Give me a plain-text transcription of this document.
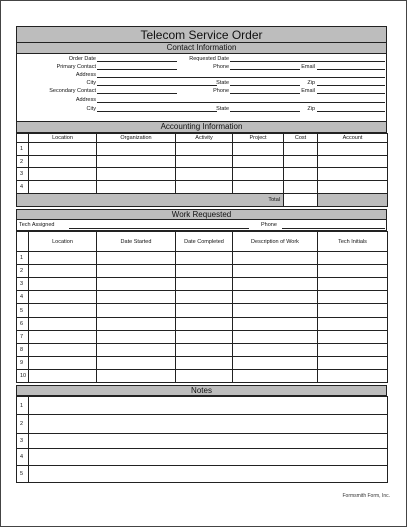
Telecom Service Order
Contact Information
Order Date	Requested Date
Primary Contact	Phone	Email
Address
City	State	Zip
Secondary Contact	Phone	Email
Address
City	State	Zip
Accounting Information
	Location	Organization	Activity	Project	Cost	Account
1						
2						
3						
4						
Total						
Work Requested
Tech Assigned	Phone
	Location	Date Started	Date Completed	Description of Work	Tech Initials
1					
2					
3					
4					
5					
6					
7					
8					
9					
10					
Notes
1	
2	
3	
4	
5	
Formsmith Form, Inc.
